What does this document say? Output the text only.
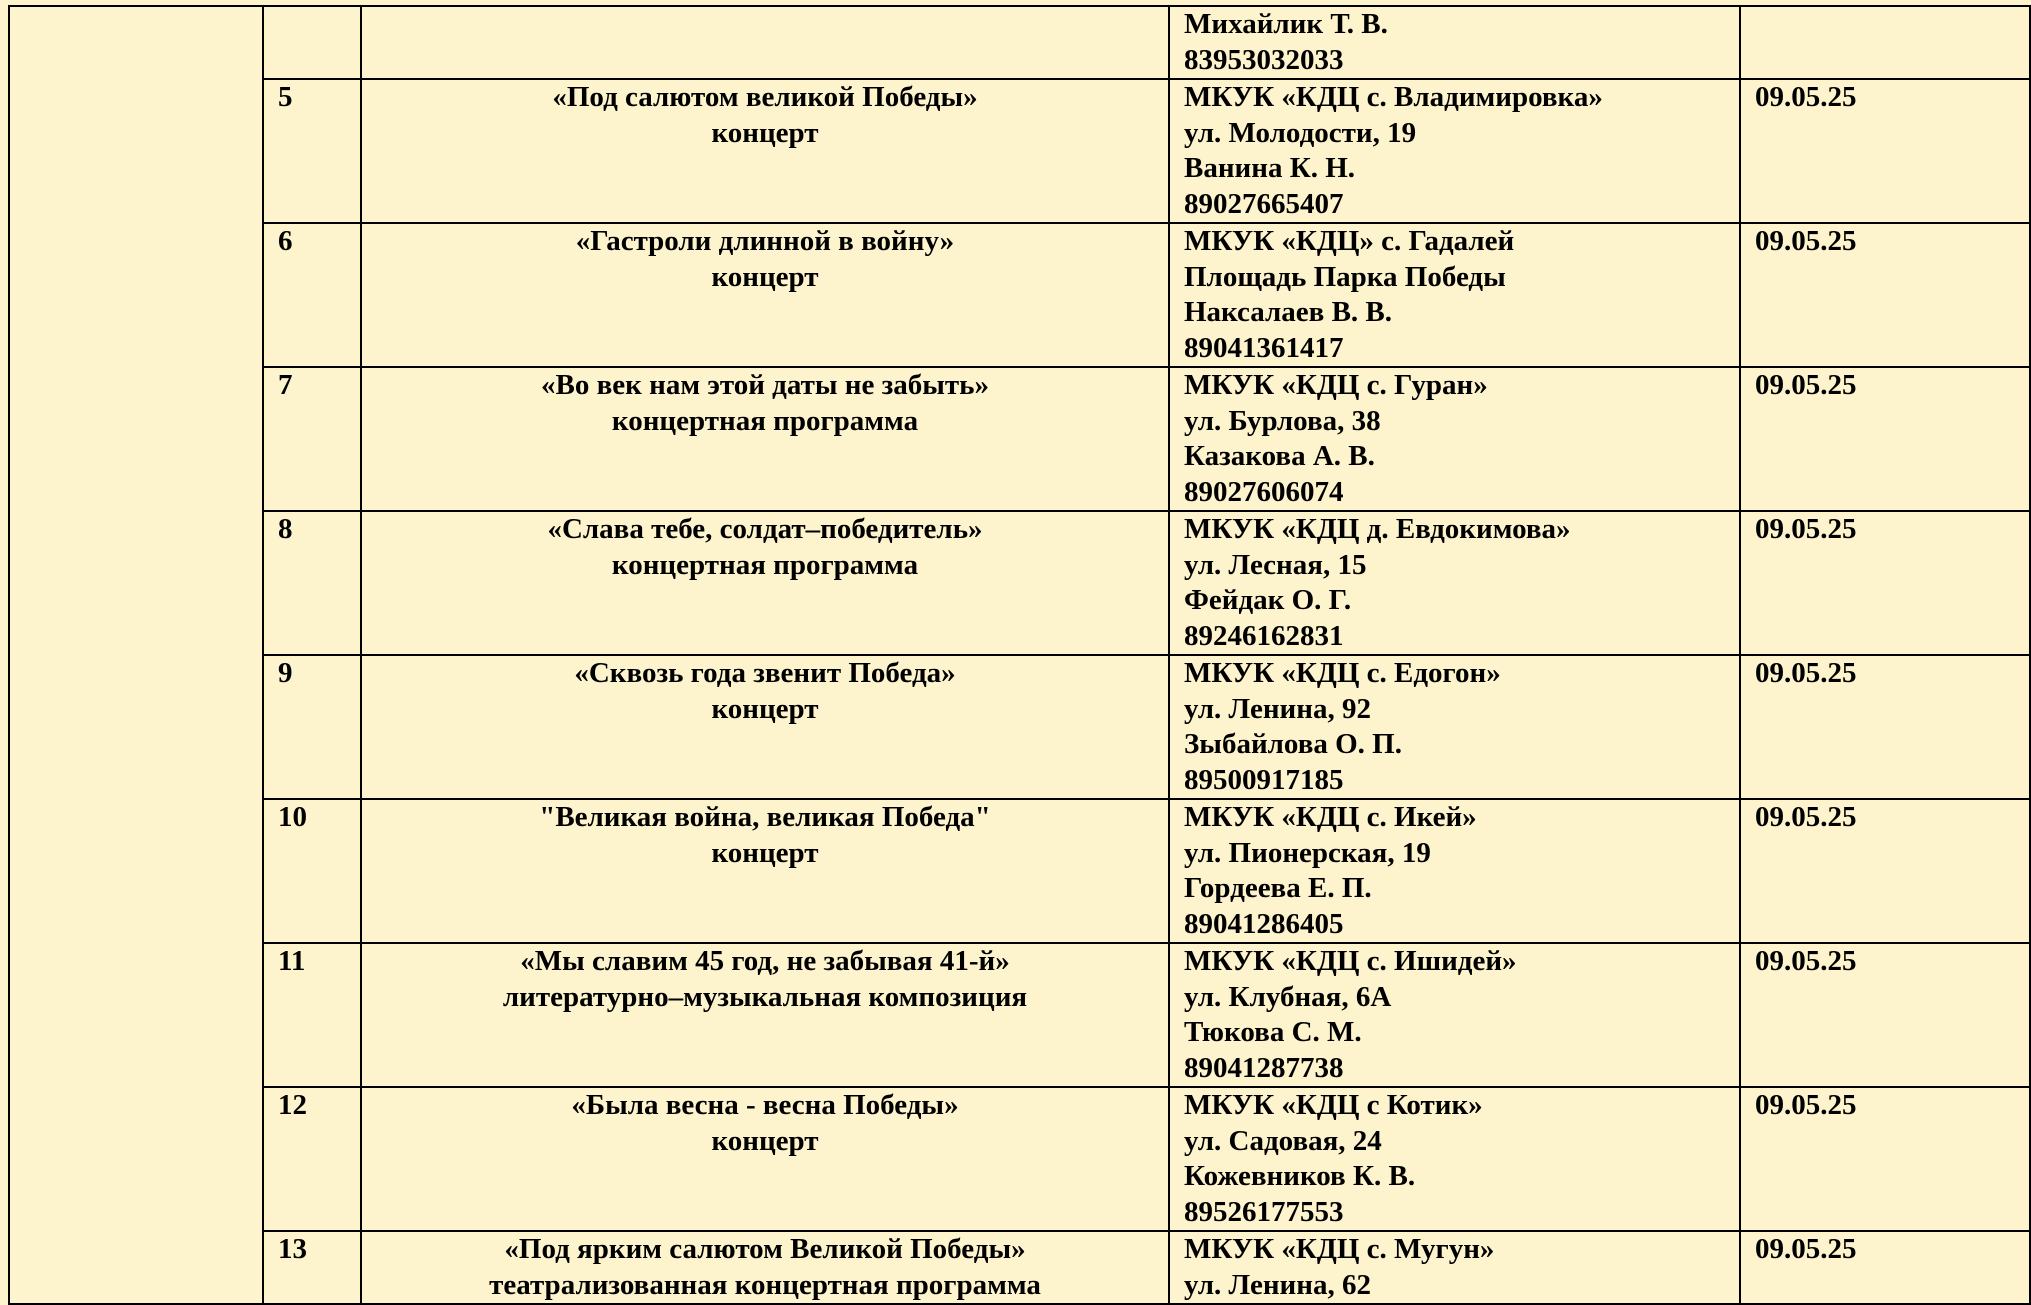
			Михайлик Т. В.
83953032033	

	5	«Под салютом великой Победы»
концерт	МКУК «КДЦ с. Владимировка»
ул. Молодости, 19
Ванина К. Н.
89027665407	09.05.25
	6	«Гастроли длинной в войну»
концерт	МКУК «КДЦ» с. Гадалей
Площадь Парка Победы
Наксалаев В. В.
89041361417	09.05.25
	7	«Во век нам этой даты не забыть»
концертная программа	МКУК «КДЦ с. Гуран»
ул. Бурлова, 38
Казакова А. В.
89027606074	09.05.25
	8	«Слава тебе, солдат–победитель»
концертная программа	МКУК «КДЦ д. Евдокимова»
ул. Лесная, 15
Фейдак О. Г.
89246162831	09.05.25
	9	«Сквозь года звенит Победа»
концерт	МКУК «КДЦ с. Едогон»
ул. Ленина, 92
Зыбайлова О. П.
89500917185	09.05.25
	10	"Великая война, великая Победа"
концерт	МКУК «КДЦ с. Икей»
ул. Пионерская, 19
Гордеева Е. П.
89041286405	09.05.25
	11	«Мы славим 45 год, не забывая 41-й»
литературно–музыкальная композиция	МКУК «КДЦ с. Ишидей»
ул. Клубная, 6А
Тюкова С. М.
89041287738	09.05.25
	12	«Была весна - весна Победы»
концерт	МКУК «КДЦ с Котик»
ул. Садовая, 24
Кожевников К. В.
89526177553	09.05.25
	13	«Под ярким салютом Великой Победы»
театрализованная концертная программа	МКУК «КДЦ с. Мугун»
ул. Ленина, 62	09.05.25
